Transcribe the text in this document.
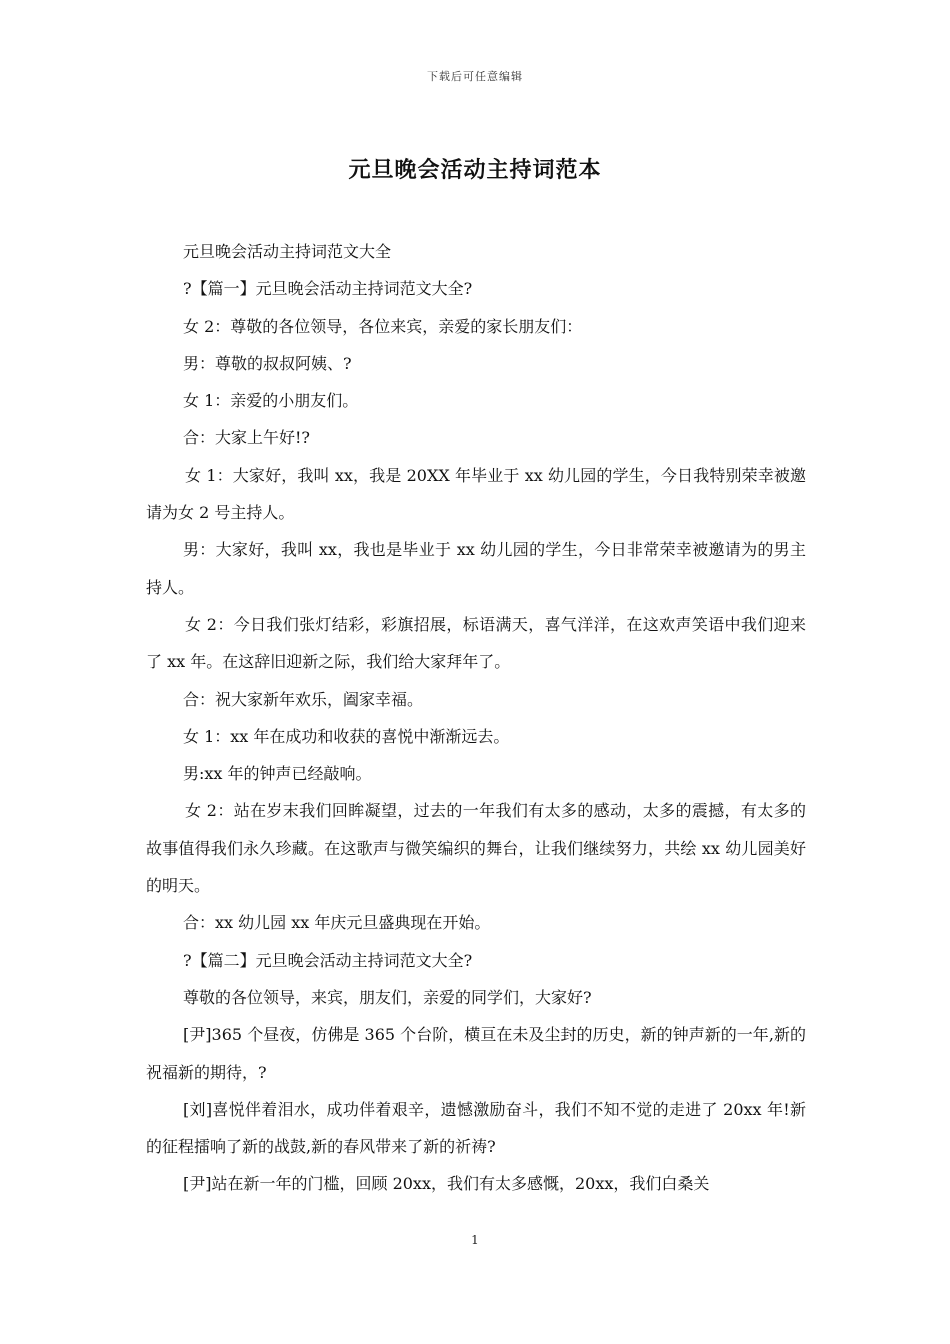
下载后可任意编辑
元旦晚会活动主持词范本

元旦晚会活动主持词范文大全

?【篇一】元旦晚会活动主持词范文大全?

女 2：尊敬的各位领导，各位来宾，亲爱的家长朋友们：

男：尊敬的叔叔阿姨、?

女 1：亲爱的小朋友们。

合：大家上午好!?

女 1：大家好，我叫 xx，我是 20XX 年毕业于 xx 幼儿园的学生，今日我特别荣幸被邀请为女 2 号主持人。

男：大家好，我叫 xx，我也是毕业于 xx 幼儿园的学生，今日非常荣幸被邀请为的男主持人。

女 2：今日我们张灯结彩，彩旗招展，标语满天，喜气洋洋，在这欢声笑语中我们迎来了 xx 年。在这辞旧迎新之际，我们给大家拜年了。

合：祝大家新年欢乐，阖家幸福。

女 1：xx 年在成功和收获的喜悦中渐渐远去。

男:xx 年的钟声已经敲响。

女 2：站在岁末我们回眸凝望，过去的一年我们有太多的感动，太多的震撼，有太多的故事值得我们永久珍藏。在这歌声与微笑编织的舞台，让我们继续努力，共绘 xx 幼儿园美好的明天。

合：xx 幼儿园 xx 年庆元旦盛典现在开始。

?【篇二】元旦晚会活动主持词范文大全?

尊敬的各位领导，来宾，朋友们，亲爱的同学们，大家好?

[尹]365 个昼夜，仿佛是 365 个台阶，横亘在未及尘封的历史，新的钟声新的一年,新的祝福新的期待，?

[刘]喜悦伴着泪水，成功伴着艰辛，遗憾激励奋斗，我们不知不觉的走进了 20xx 年!新的征程擂响了新的战鼓,新的春风带来了新的祈祷?

[尹]站在新一年的门槛，回顾 20xx，我们有太多感慨，20xx，我们白桑关

1
